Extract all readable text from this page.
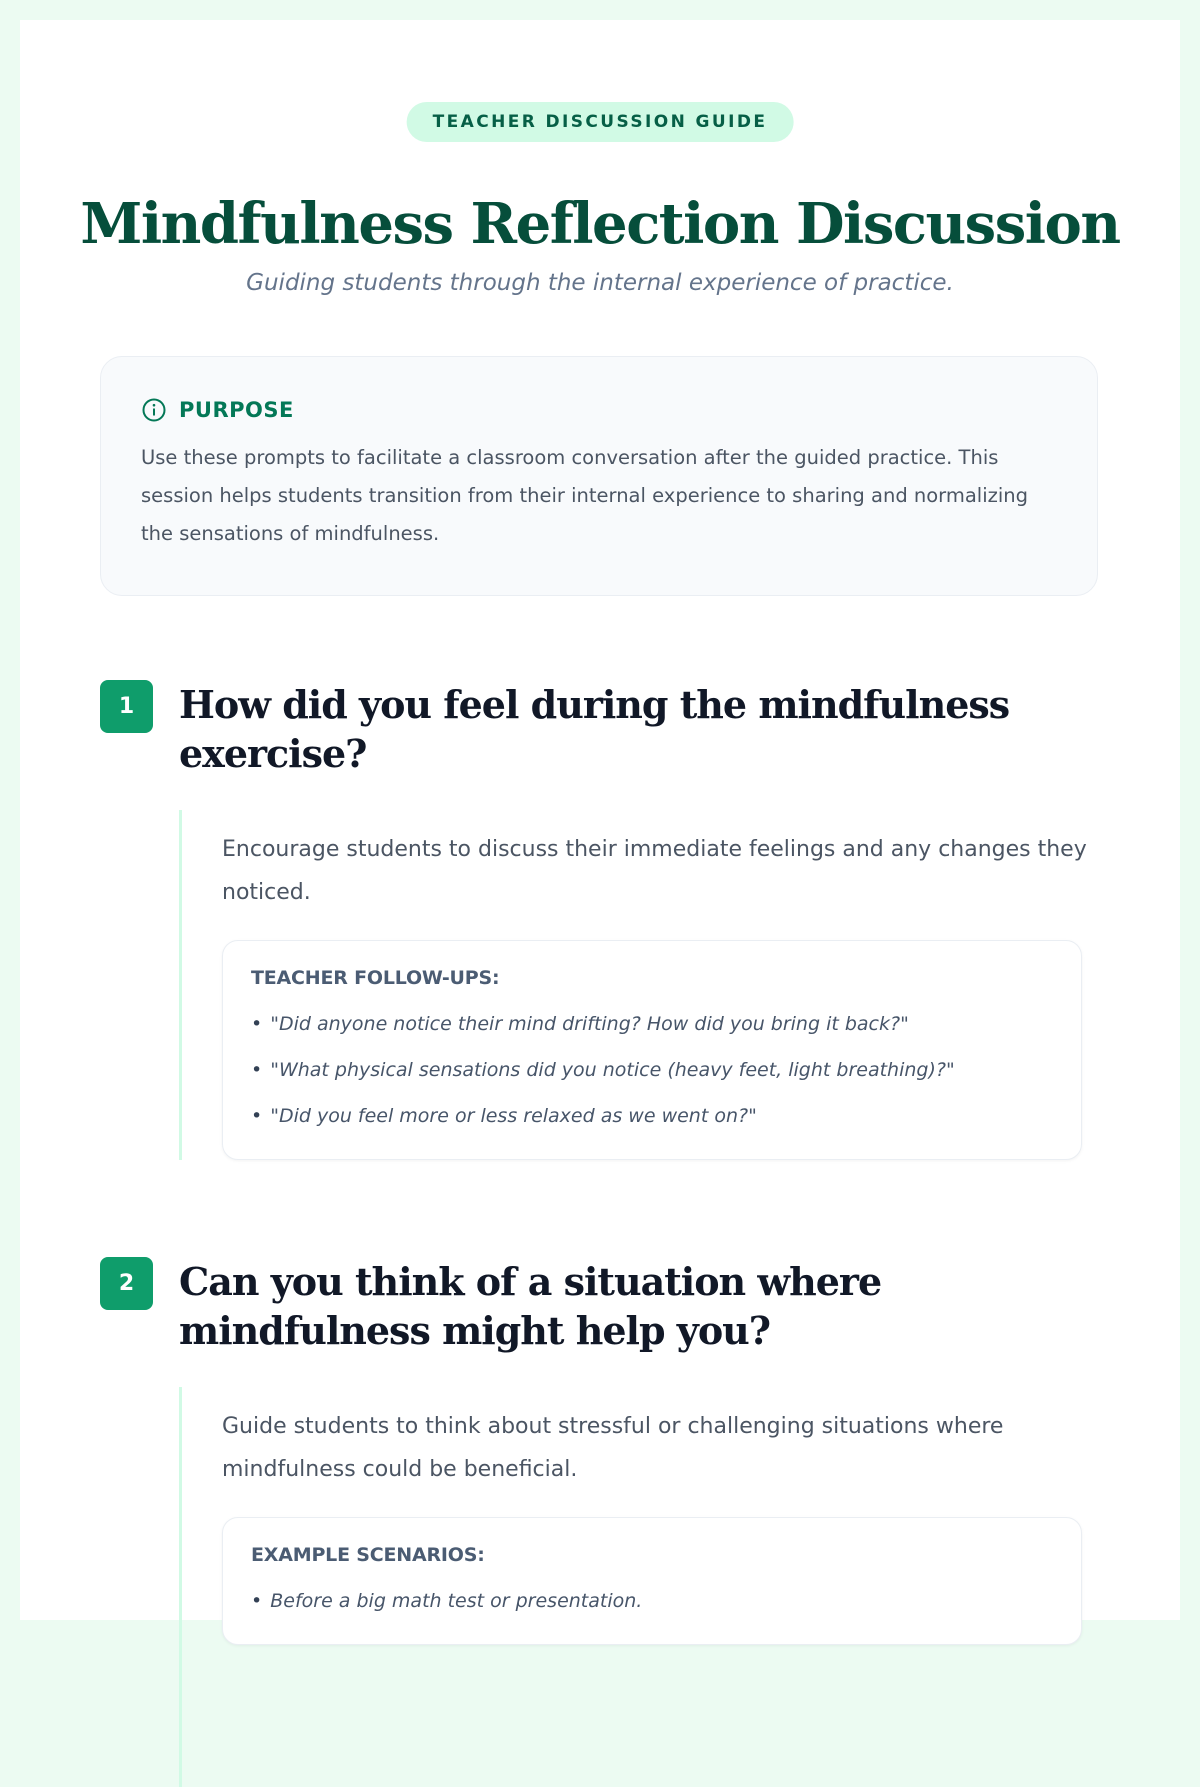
TEACHER DISCUSSION GUIDE
Mindfulness Reflection Discussion

Guiding students through the internal experience of practice.

PURPOSE
Use these prompts to facilitate a classroom conversation after the guided practice. This session helps students transition from their internal experience to sharing and normalizing the sensations of mindfulness.
1	How did you feel during the mindfulness exercise?

Encourage students to discuss their immediate feelings and any changes they noticed.

TEACHER FOLLOW-UPS:
• "Did anyone notice their mind drifting? How did you bring it back?"
• "What physical sensations did you notice (heavy feet, light breathing)?"
• "Did you feel more or less relaxed as we went on?"
2	Can you think of a situation where mindfulness might help you?

Guide students to think about stressful or challenging situations where mindfulness could be beneficial.

EXAMPLE SCENARIOS:
• Before a big math test or presentation.
